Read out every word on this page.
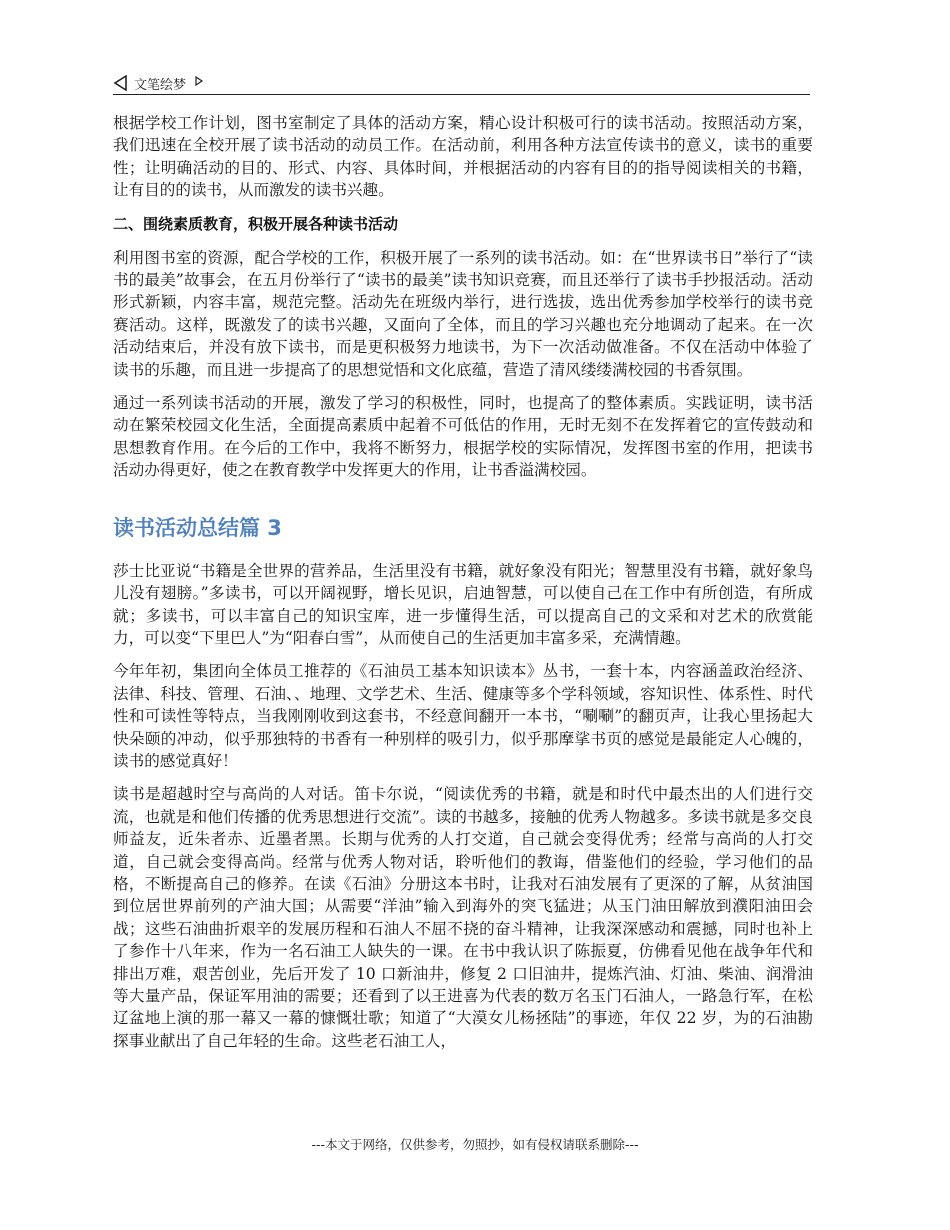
文笔绘梦

根据学校工作计划，图书室制定了具体的活动方案，精心设计积极可行的读书活动。按照活动方案，我们迅速在全校开展了读书活动的动员工作。在活动前，利用各种方法宣传读书的意义，读书的重要性；让明确活动的目的、形式、内容、具体时间，并根据活动的内容有目的的指导阅读相关的书籍，让有目的的读书，从而激发的读书兴趣。

二、围绕素质教育，积极开展各种读书活动

利用图书室的资源，配合学校的工作，积极开展了一系列的读书活动。如：在“世界读书日”举行了“读书的最美”故事会，在五月份举行了“读书的最美”读书知识竞赛，而且还举行了读书手抄报活动。活动形式新颖，内容丰富，规范完整。活动先在班级内举行，进行选拔，选出优秀参加学校举行的读书竞赛活动。这样，既激发了的读书兴趣，又面向了全体，而且的学习兴趣也充分地调动了起来。在一次活动结束后，并没有放下读书，而是更积极努力地读书，为下一次活动做准备。不仅在活动中体验了读书的乐趣，而且进一步提高了的思想觉悟和文化底蕴，营造了清风缕缕满校园的书香氛围。

通过一系列读书活动的开展，激发了学习的积极性，同时，也提高了的整体素质。实践证明，读书活动在繁荣校园文化生活，全面提高素质中起着不可低估的作用，无时无刻不在发挥着它的宣传鼓动和思想教育作用。在今后的工作中，我将不断努力，根据学校的实际情况，发挥图书室的作用，把读书活动办得更好，使之在教育教学中发挥更大的作用，让书香溢满校园。

读书活动总结篇 3

莎士比亚说“书籍是全世界的营养品，生活里没有书籍，就好象没有阳光；智慧里没有书籍，就好象鸟儿没有翅膀。”多读书，可以开阔视野，增长见识，启迪智慧，可以使自己在工作中有所创造，有所成就；多读书，可以丰富自己的知识宝库，进一步懂得生活，可以提高自己的文采和对艺术的欣赏能力，可以变“下里巴人”为“阳春白雪”，从而使自己的生活更加丰富多采，充满情趣。

今年年初，集团向全体员工推荐的《石油员工基本知识读本》丛书，一套十本，内容涵盖政治经济、法律、科技、管理、石油、、地理、文学艺术、生活、健康等多个学科领域，容知识性、体系性、时代性和可读性等特点，当我刚刚收到这套书，不经意间翻开一本书，“唰唰”的翻页声，让我心里扬起大快朵颐的冲动，似乎那独特的书香有一种别样的吸引力，似乎那摩挲书页的感觉是最能定人心魄的，读书的感觉真好！

读书是超越时空与高尚的人对话。笛卡尔说，“阅读优秀的书籍，就是和时代中最杰出的人们进行交流，也就是和他们传播的优秀思想进行交流”。读的书越多，接触的优秀人物越多。多读书就是多交良师益友，近朱者赤、近墨者黑。长期与优秀的人打交道，自己就会变得优秀；经常与高尚的人打交道，自己就会变得高尚。经常与优秀人物对话，聆听他们的教诲，借鉴他们的经验，学习他们的品格，不断提高自己的修养。在读《石油》分册这本书时，让我对石油发展有了更深的了解，从贫油国到位居世界前列的产油大国；从需要“洋油”输入到海外的突飞猛进；从玉门油田解放到濮阳油田会战；这些石油曲折艰辛的发展历程和石油人不屈不挠的奋斗精神，让我深深感动和震撼，同时也补上了参作十八年来，作为一名石油工人缺失的一课。在书中我认识了陈振夏，仿佛看见他在战争年代和排出万难，艰苦创业，先后开发了 10 口新油井，修复 2 口旧油井，提炼汽油、灯油、柴油、润滑油等大量产品，保证军用油的需要；还看到了以王进喜为代表的数万名玉门石油人，一路急行军，在松辽盆地上演的那一幕又一幕的慷慨壮歌；知道了“大漠女儿杨拯陆”的事迹，年仅 22 岁，为的石油勘探事业献出了自己年轻的生命。这些老石油工人，

---本文于网络，仅供参考，勿照抄，如有侵权请联系删除---
